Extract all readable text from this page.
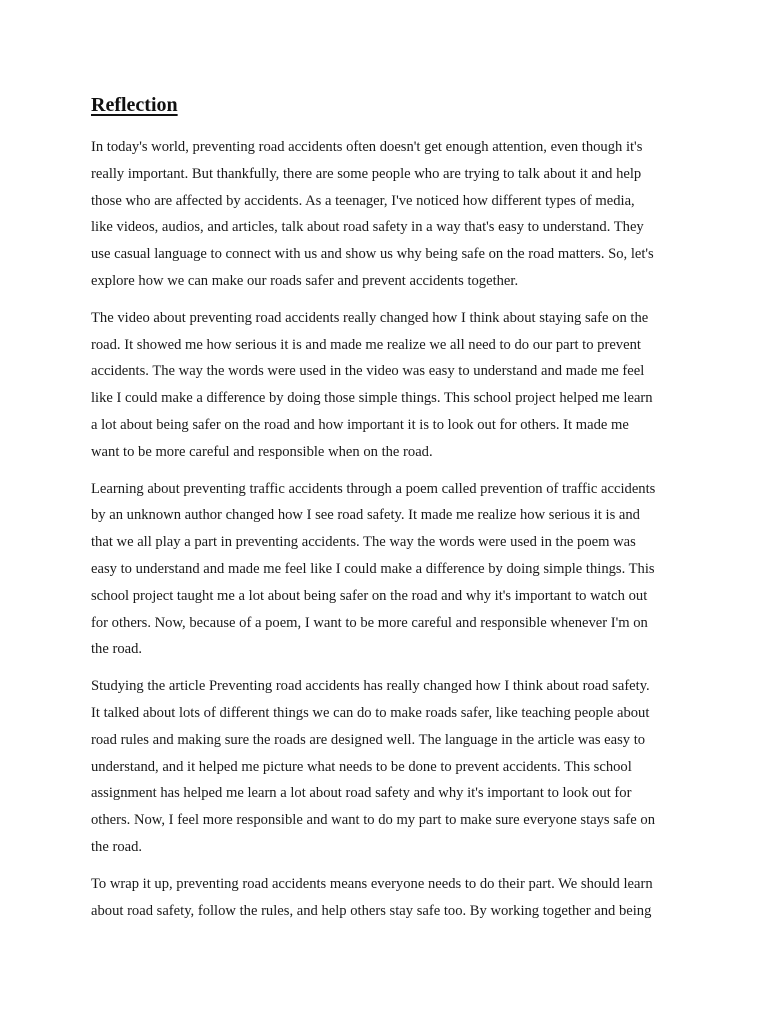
Reflection

In today's world, preventing road accidents often doesn't get enough attention, even though it's
really important. But thankfully, there are some people who are trying to talk about it and help
those who are affected by accidents. As a teenager, I've noticed how different types of media,
like videos, audios, and articles, talk about road safety in a way that's easy to understand. They
use casual language to connect with us and show us why being safe on the road matters. So, let's
explore how we can make our roads safer and prevent accidents together.

The video about preventing road accidents really changed how I think about staying safe on the
road. It showed me how serious it is and made me realize we all need to do our part to prevent
accidents. The way the words were used in the video was easy to understand and made me feel
like I could make a difference by doing those simple things. This school project helped me learn
a lot about being safer on the road and how important it is to look out for others. It made me
want to be more careful and responsible when on the road.

Learning about preventing traffic accidents through a poem called prevention of traffic accidents
by an unknown author changed how I see road safety. It made me realize how serious it is and
that we all play a part in preventing accidents. The way the words were used in the poem was
easy to understand and made me feel like I could make a difference by doing simple things. This
school project taught me a lot about being safer on the road and why it's important to watch out
for others. Now, because of a poem, I want to be more careful and responsible whenever I'm on
the road.

Studying the article Preventing road accidents has really changed how I think about road safety.
It talked about lots of different things we can do to make roads safer, like teaching people about
road rules and making sure the roads are designed well. The language in the article was easy to
understand, and it helped me picture what needs to be done to prevent accidents. This school
assignment has helped me learn a lot about road safety and why it's important to look out for
others. Now, I feel more responsible and want to do my part to make sure everyone stays safe on
the road.

To wrap it up, preventing road accidents means everyone needs to do their part. We should learn
about road safety, follow the rules, and help others stay safe too. By working together and being
